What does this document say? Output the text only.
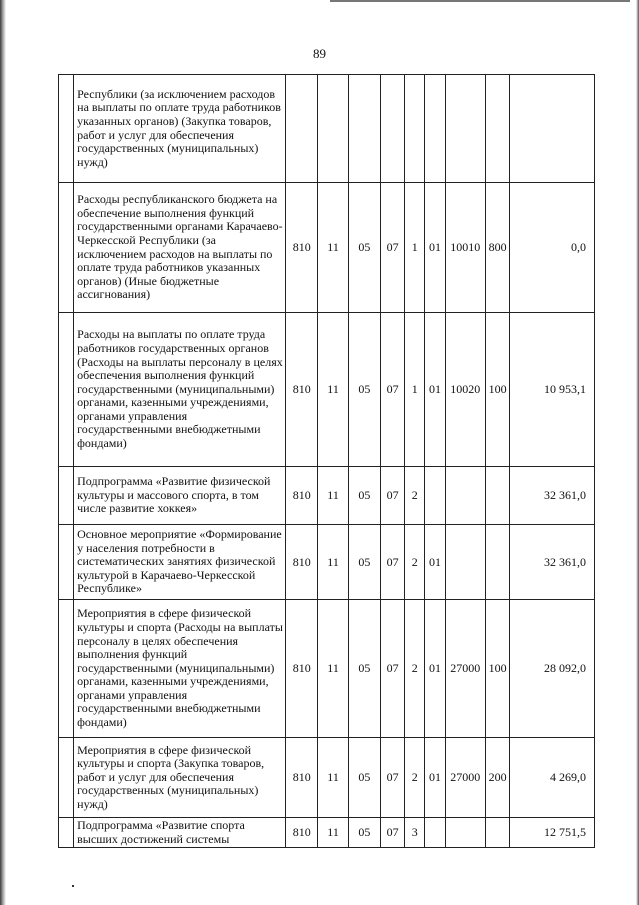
89
	Республики (за исключением расходов на выплаты по оплате труда работников указанных органов) (Закупка товаров, работ и услуг для обеспечения государственных (муниципальных) нужд)									
	Расходы республиканского бюджета на обеспечение выполнения функций государственными органами Карачаево-Черкесской Республики (за исключением расходов на выплаты по оплате труда работников указанных органов) (Иные бюджетные ассигнования)	810	11	05	07	1	01	10010	800	0,0
	Расходы на выплаты по оплате труда работников государственных органов (Расходы на выплаты персоналу в целях обеспечения выполнения функций государственными (муниципальными) органами, казенными учреждениями, органами управления государственными внебюджетными фондами)	810	11	05	07	1	01	10020	100	10 953,1
	Подпрограмма «Развитие физической культуры и массового спорта, в том числе развитие хоккея»	810	11	05	07	2				32 361,0
	Основное мероприятие «Формирование у населения потребности в систематических занятиях физической культурой в Карачаево-Черкесской Республике»	810	11	05	07	2	01			32 361,0
	Мероприятия в сфере физической культуры и спорта (Расходы на выплаты персоналу в целях обеспечения выполнения функций государственными (муниципальными) органами, казенными учреждениями, органами управления государственными внебюджетными фондами)	810	11	05	07	2	01	27000	100	28 092,0
	Мероприятия в сфере физической культуры и спорта (Закупка товаров, работ и услуг для обеспечения государственных (муниципальных) нужд)	810	11	05	07	2	01	27000	200	4 269,0
	Подпрограмма «Развитие спорта высших достижений системы	810	11	05	07	3				12 751,5
